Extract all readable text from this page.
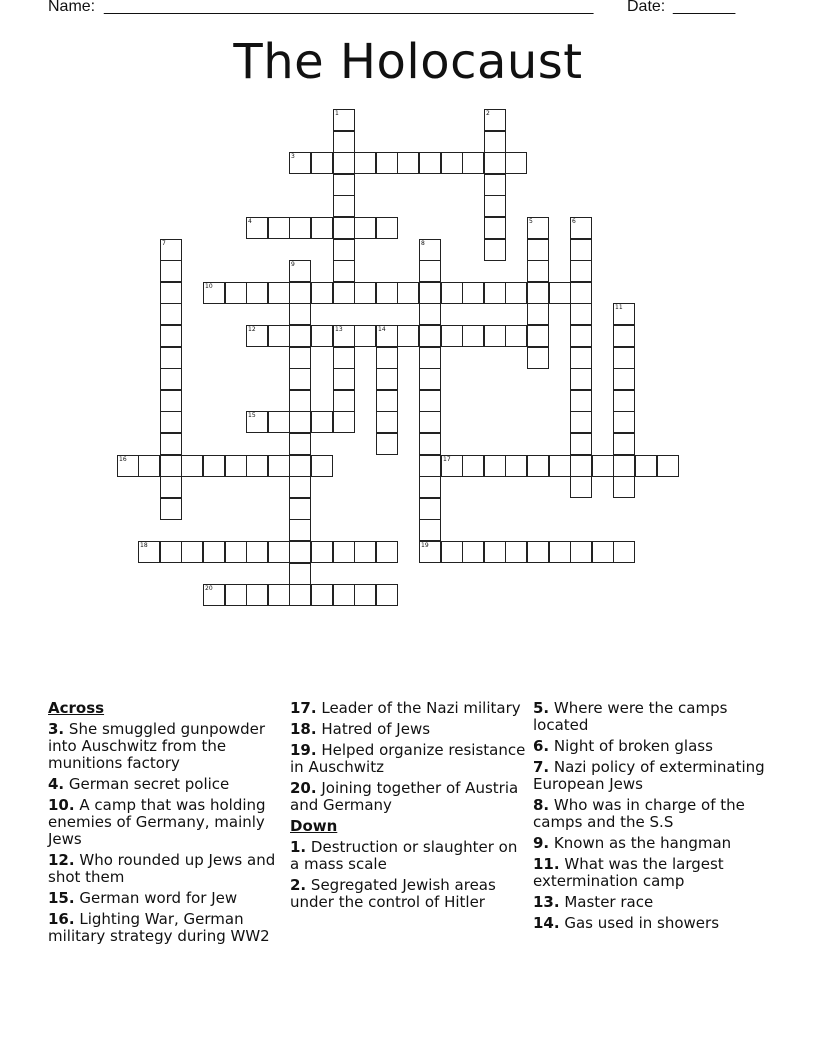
Name: _______________________________________________________ Date: _______
The Holocaust
1	2
3
4	5	6
7	8
19
9
10
11
12	13	14
15
16	17
18
20
Across
3. She smuggled gunpowder into Auschwitz from the munitions factory
4. German secret police
10. A camp that was holding enemies of Germany, mainly Jews
12. Who rounded up Jews and shot them
15. German word for Jew
16. Lighting War, German military strategy during WW2
17. Leader of the Nazi military
18. Hatred of Jews
19. Helped organize resistance in Auschwitz
20. Joining together of Austria and Germany
Down
1. Destruction or slaughter on a mass scale
2. Segregated Jewish areas under the control of Hitler
5. Where were the camps located
6. Night of broken glass
7. Nazi policy of exterminating European Jews
8. Who was in charge of the camps and the S.S
9. Known as the hangman
11. What was the largest extermination camp
13. Master race
14. Gas used in showers
